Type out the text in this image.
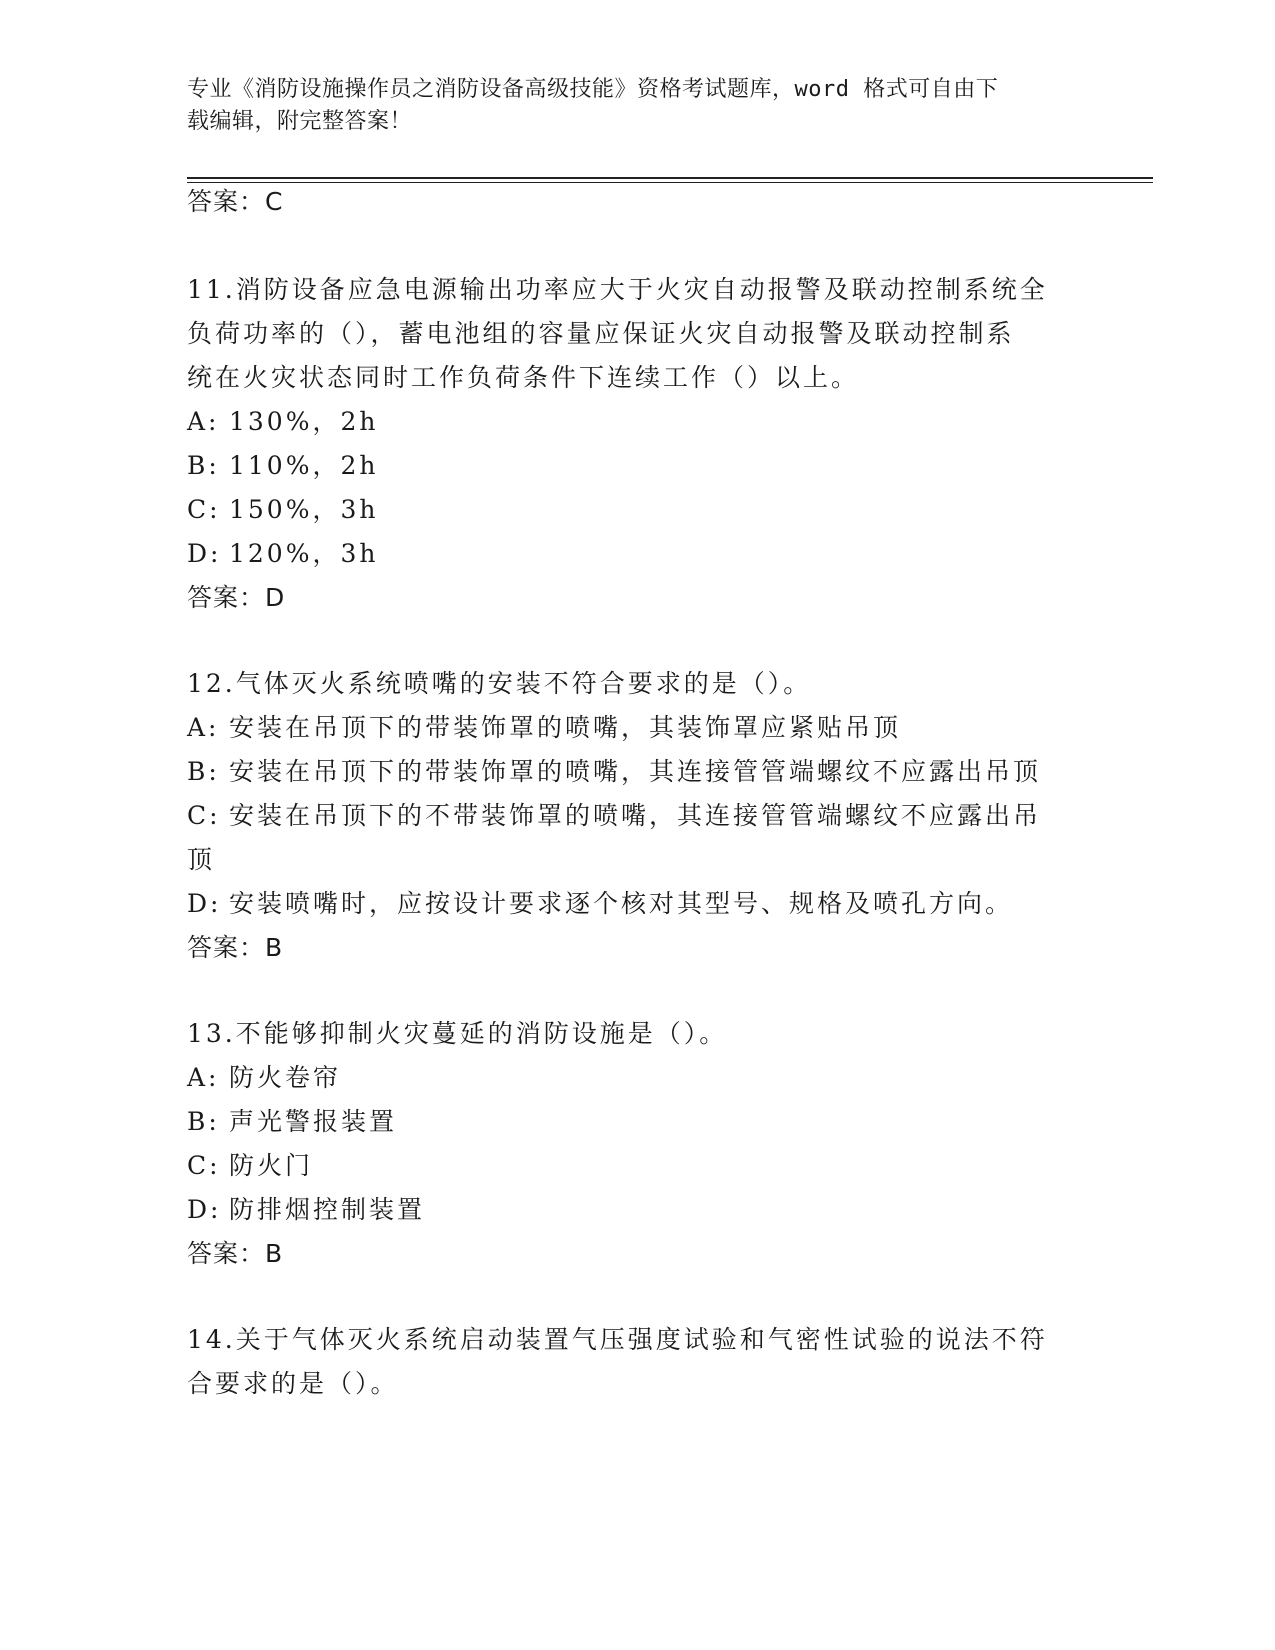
专业《消防设施操作员之消防设备高级技能》资格考试题库，word 格式可自由下
载编辑，附完整答案！
答案：C
11.消防设备应急电源输出功率应大于火灾自动报警及联动控制系统全
负荷功率的（），蓄电池组的容量应保证火灾自动报警及联动控制系
统在火灾状态同时工作负荷条件下连续工作（）以上。
A: 130%，2h
B: 110%，2h
C: 150%，3h
D: 120%，3h
答案：D
12.气体灭火系统喷嘴的安装不符合要求的是（）。
A: 安装在吊顶下的带装饰罩的喷嘴，其装饰罩应紧贴吊顶
B: 安装在吊顶下的带装饰罩的喷嘴，其连接管管端螺纹不应露出吊顶
C: 安装在吊顶下的不带装饰罩的喷嘴，其连接管管端螺纹不应露出吊
顶
D: 安装喷嘴时，应按设计要求逐个核对其型号、规格及喷孔方向。
答案：B
13.不能够抑制火灾蔓延的消防设施是（）。
A: 防火卷帘
B: 声光警报装置
C: 防火门
D: 防排烟控制装置
答案：B
14.关于气体灭火系统启动装置气压强度试验和气密性试验的说法不符
合要求的是（）。
